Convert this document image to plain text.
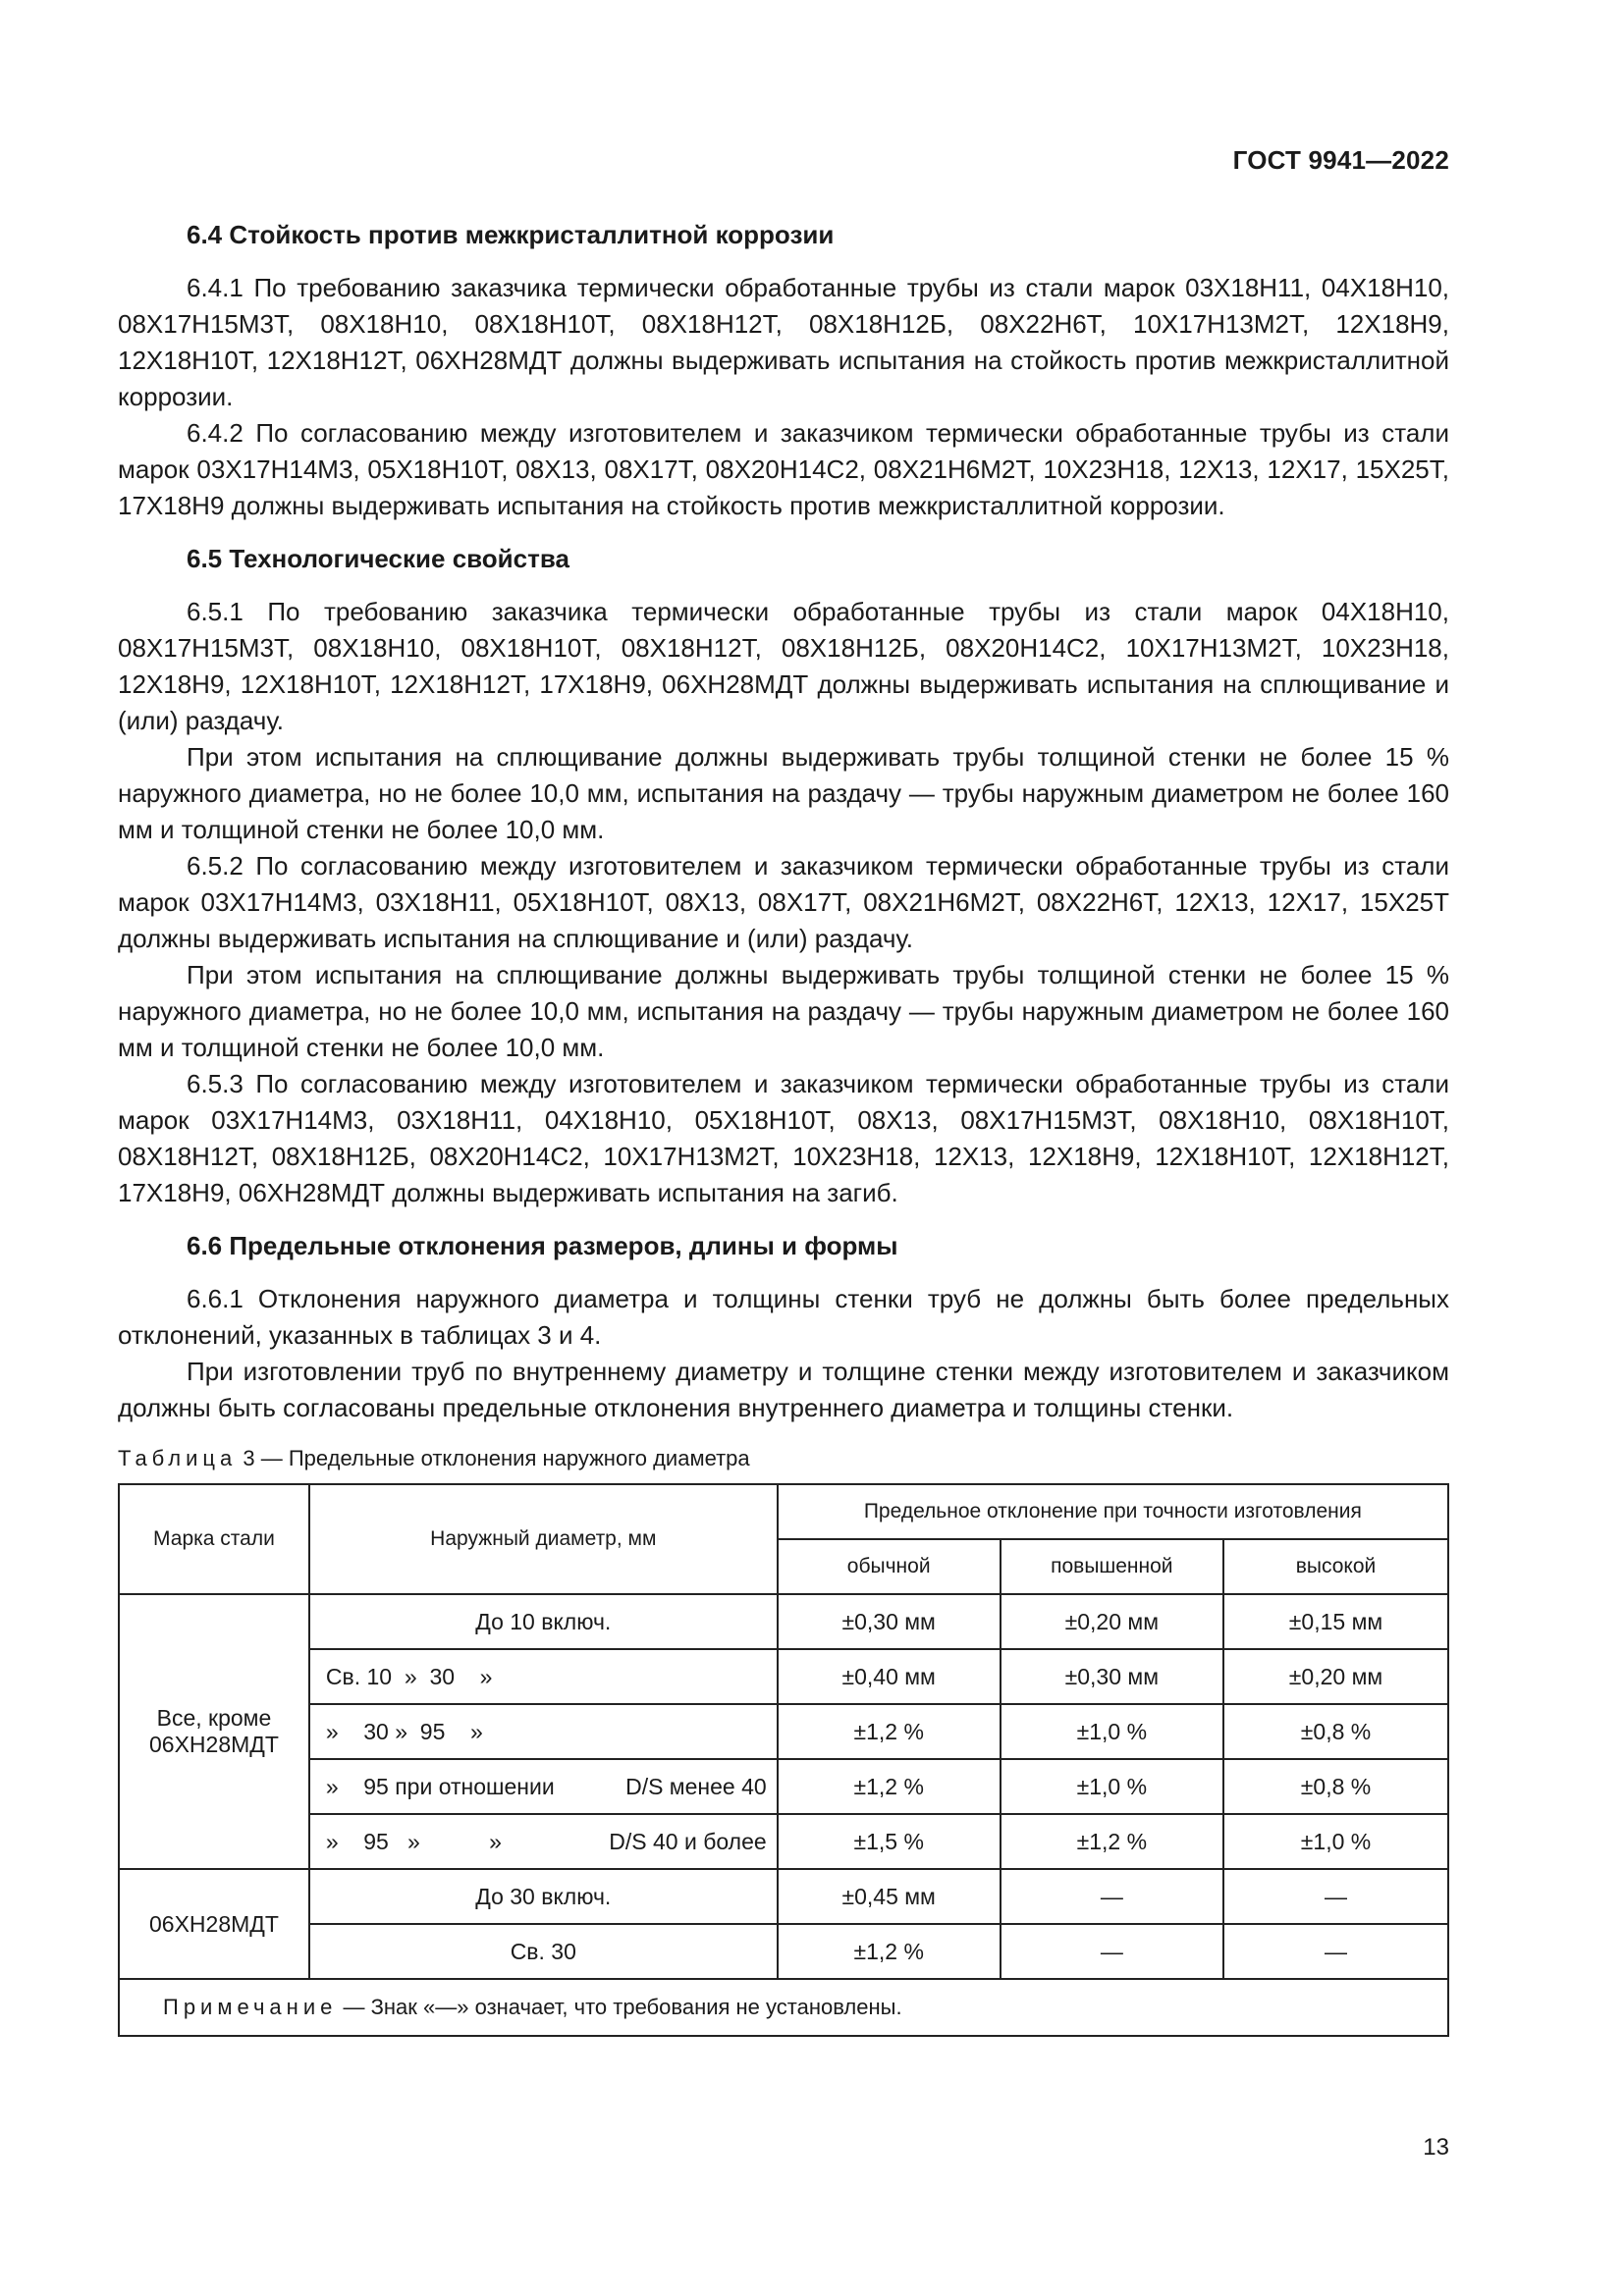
ГОСТ 9941—2022
6.4 Стойкость против межкристаллитной коррозии

6.4.1 По требованию заказчика термически обработанные трубы из стали марок 03Х18Н11, 04Х18Н10, 08Х17Н15М3Т, 08Х18Н10, 08Х18Н10Т, 08Х18Н12Т, 08Х18Н12Б, 08Х22Н6Т, 10Х17Н13М2Т, 12Х18Н9, 12Х18Н10Т, 12Х18Н12Т, 06ХН28МДТ должны выдерживать испытания на стойкость против межкристаллитной коррозии.

6.4.2 По согласованию между изготовителем и заказчиком термически обработанные трубы из стали марок 03Х17Н14М3, 05Х18Н10Т, 08Х13, 08Х17Т, 08Х20Н14С2, 08Х21Н6М2Т, 10Х23Н18, 12Х13, 12Х17, 15Х25Т, 17Х18Н9 должны выдерживать испытания на стойкость против межкристаллитной коррозии.

6.5 Технологические свойства

6.5.1 По требованию заказчика термически обработанные трубы из стали марок 04Х18Н10, 08Х17Н15М3Т, 08Х18Н10, 08Х18Н10Т, 08Х18Н12Т, 08Х18Н12Б, 08Х20Н14С2, 10Х17Н13М2Т, 10Х23Н18, 12Х18Н9, 12Х18Н10Т, 12Х18Н12Т, 17Х18Н9, 06ХН28МДТ должны выдерживать испытания на сплющивание и (или) раздачу.

При этом испытания на сплющивание должны выдерживать трубы толщиной стенки не более 15 % наружного диаметра, но не более 10,0 мм, испытания на раздачу — трубы наружным диаметром не более 160 мм и толщиной стенки не более 10,0 мм.

6.5.2 По согласованию между изготовителем и заказчиком термически обработанные трубы из стали марок 03Х17Н14М3, 03Х18Н11, 05Х18Н10Т, 08Х13, 08Х17Т, 08Х21Н6М2Т, 08Х22Н6Т, 12Х13, 12Х17, 15Х25Т должны выдерживать испытания на сплющивание и (или) раздачу.

При этом испытания на сплющивание должны выдерживать трубы толщиной стенки не более 15 % наружного диаметра, но не более 10,0 мм, испытания на раздачу — трубы наружным диаметром не более 160 мм и толщиной стенки не более 10,0 мм.

6.5.3 По согласованию между изготовителем и заказчиком термически обработанные трубы из стали марок 03Х17Н14М3, 03Х18Н11, 04Х18Н10, 05Х18Н10Т, 08Х13, 08Х17Н15М3Т, 08Х18Н10, 08Х18Н10Т, 08Х18Н12Т, 08Х18Н12Б, 08Х20Н14С2, 10Х17Н13М2Т, 10Х23Н18, 12Х13, 12Х18Н9, 12Х18Н10Т, 12Х18Н12Т, 17Х18Н9, 06ХН28МДТ должны выдерживать испытания на загиб.

6.6 Предельные отклонения размеров, длины и формы

6.6.1 Отклонения наружного диаметра и толщины стенки труб не должны быть более предельных отклонений, указанных в таблицах 3 и 4.

При изготовлении труб по внутреннему диаметру и толщине стенки между изготовителем и заказчиком должны быть согласованы предельные отклонения внутреннего диаметра и толщины стенки.

Таблица 3 — Предельные отклонения наружного диаметра
Марка стали	Наружный диаметр, мм	Предельное отклонение при точности изготовления		
		обычной	повышенной	высокой
Все, кроме 06ХН28МДТ	До 10 включ.	±0,30 мм	±0,20 мм	±0,15 мм
	Св. 10  »  30    »	±0,40 мм	±0,30 мм	±0,20 мм
	»    30 »  95    »	±1,2 %	±1,0 %	±0,8 %

	»    95 при отношении D/S менее 40	±1,2 %	±1,0 %	±0,8 %

	»    95   »           » D/S 40 и более	±1,5 %	±1,2 %	±1,0 %
06ХН28МДТ	До 30 включ.	±0,45 мм	—	—
	Св. 30	±1,2 %	—	—
Примечание — Знак «—» означает, что требования не установлены.				
13
